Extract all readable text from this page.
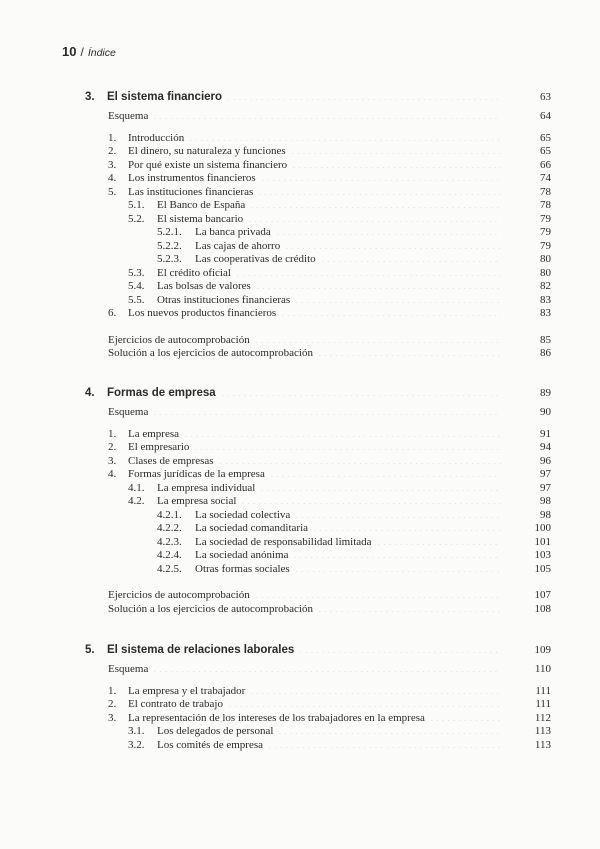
10 / Índice
3.	El sistema financiero	63
Esquema	64
1.	Introducción	65
2.	El dinero, su naturaleza y funciones	65
3.	Por qué existe un sistema financiero	66
4.	Los instrumentos financieros	74
5.	Las instituciones financieras	78
5.1.	El Banco de España	78
5.2.	El sistema bancario	79
5.2.1.	La banca privada	79
5.2.2.	Las cajas de ahorro	79
5.2.3.	Las cooperativas de crédito	80
5.3.	El crédito oficial	80
5.4.	Las bolsas de valores	82
5.5.	Otras instituciones financieras	83
6.	Los nuevos productos financieros	83
Ejercicios de autocomprobación	85
Solución a los ejercicios de autocomprobación	86
4.	Formas de empresa	89
Esquema	90
1.	La empresa	91
2.	El empresario	94
3.	Clases de empresas	96
4.	Formas jurídicas de la empresa	97
4.1.	La empresa individual	97
4.2.	La empresa social	98
4.2.1.	La sociedad colectiva	98
4.2.2.	La sociedad comanditaria	100
4.2.3.	La sociedad de responsabilidad limitada	101
4.2.4.	La sociedad anónima	103
4.2.5.	Otras formas sociales	105
Ejercicios de autocomprobación	107
Solución a los ejercicios de autocomprobación	108
5.	El sistema de relaciones laborales	109
Esquema	110
1.	La empresa y el trabajador	111
2.	El contrato de trabajo	111
3.	La representación de los intereses de los trabajadores en la empresa	112
3.1.	Los delegados de personal	113
3.2.	Los comités de empresa	113
